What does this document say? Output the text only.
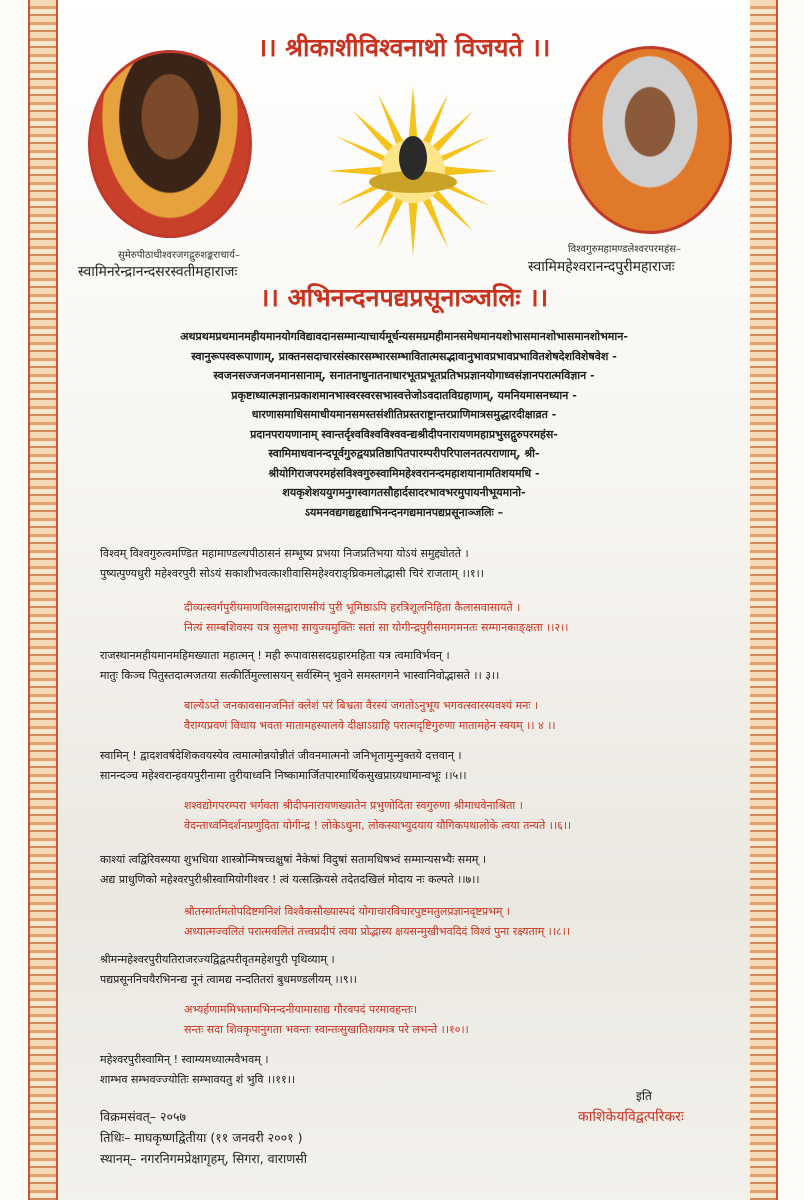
।। श्रीकाशीविश्वनाथो विजयते ।।
सुमेरुपीठाधीश्वरजगद्गुरुशङ्कराचार्य–
स्वामिनरेन्द्रानन्दसरस्वतीमहाराजः
विश्वगुरुमहामण्डलेश्वरपरमहंस–
स्वामिमहेश्वरानन्दपुरीमहाराजः
।। अभिनन्दनपद्यप्रसूनाञ्जलिः ।।
अथप्रथमप्रथमानमहीयमानयोगविद्यावदानसम्मान्याचार्यमूर्धन्यसमग्रमहीमानसमेधमानयशोभासमानशोभासमानशोभमान-
स्वानुरूपस्वरूपाणाम्, प्राक्तनसदाचारसंस्कारसम्भारसम्भावितात्मसद्भावानुभावप्रभावप्रभावितशेषदेशविशेषवेश -
स्वजनसज्जनजनमानसानाम्, सनातनाधुनातनाधारभूतप्रभूतप्रतिभप्रज्ञानयोगाध्वसंज्ञानपरात्मविज्ञान -
प्रकृष्टाध्यात्मज्ञानप्रकाशमानभास्वरस्वरसभास्वत्तेजोऽवदातविग्रहाणाम्, यमनियमासनध्यान -
धारणासमाधिसमाधीयमानसमस्तसंशीतिप्रस्तराष्ट्रान्तरप्राणिमात्रसमुद्धारदीक्षाव्रत -
प्रदानपरायणानाम् स्वान्तर्दृश्वविश्वविश्ववन्द्यश्रीदीपनारायणमहाप्रभुसद्गुरुपरमहंस-
स्वामिमाधवानन्दपूर्वगुरुद्वयप्रतिष्ठापितपारम्परीपरिपालनतत्पराणाम्, श्री-
श्रीयोगिराजपरमहंसविश्वगुरुस्वामिमहेश्वरानन्दमहाशयानामतिशयमधि -
शयकृशेशययुगमनुगस्वागतसौहार्दसादरभावभरमुपायनीभूयमानो-
ऽयमनवद्यगद्यहृद्याभिनन्दनगद्यमानपद्यप्रसूनाञ्जलिः –
विश्वम् विश्वगुरुत्वमण्डित महामाण्डल्यपीठासनं सम्भूष्य प्रभया निजप्रतिभया योऽयं समुद्द्योतते ।
पुष्यत्पुण्यधुरी महेश्वरपुरी सोऽयं सकाशीभवत्काशीवासिमहेश्वराङ्घ्रिकमलोद्भासी चिरं राजताम् ।।१।।
दीव्यत्स्वर्गपुरीयमाणविलसद्वाराणसीयं पुरी भूमिष्ठाऽपि हरत्रिशूलनिहिता कैलासवासायते ।
नित्यं साम्बशिवस्य यत्र सुलभा सायुज्यमुक्तिः सतां सा योगीन्द्रपुरीसमागमनतः सम्मानकाङ्क्षता ।।२।।
राजस्थानमहीयमानमहिमख्याता महात्मन् ! मही रूपावाससदग्रहारमहिता यत्र त्वमाविर्भवन् ।
मातुः किञ्च पितुस्तदात्मजतया सत्कीर्तिमुल्लासयन् सर्वस्मिन् भुवने समस्तगगने भास्वानिवोद्भासते ।। ३।।
बाल्येऽप्ते जनकावसानजनितं क्लेशं परं बिभ्रता वैरस्यं जगतोऽनुभूय भगवत्स्वारस्यवश्यं मनः ।
वैराग्यप्रवणं विधाय भवता मातामहस्यालये दीक्षाऽग्राहि परात्मदृष्टिगुरुणा मातामहेन स्वयम् ।। ४ ।।
स्वामिन् ! द्वादशवर्षदेशिकवयस्येव त्वमात्मोन्नयोन्नीतं जीवनमात्मनो जनिभृतामुन्मुक्तये दत्तवान् ।
सानन्दञ्च महेश्वरान्हवयपुरीनामा तुरीयाध्वनि निष्कामार्जितपारमार्थिकसुखप्राग्र्यधामान्वभूः ।।५।।
शश्वद्योगपरम्परा भर्गवता श्रीदीपनारायणख्यातेन प्रभुणोदिता स्वगुरुणा श्रीमाधवेनाश्रिता ।
वेदन्ताध्वनिदर्शनप्रणुदिता योगीन्द्र ! लोकेऽधुना, लोकस्याभ्युदयाय यौगिकपथालोके त्वया तन्यते ।।६।।
काश्यां त्वद्विरिवस्यया शुभधिया शास्त्रोन्मिषच्चक्षुषां नैकेषां विदुषां सतामधिषभ्वं सम्मान्यसभ्यैः समम् ।
अद्य प्राधुणिको महेश्वरपुरीश्रीस्वामियोगीश्वर ! त्वं यत्सत्क्रियसे तदेतदखिलं मोदाय नः कल्पते ।।७।।
श्रौतस्मार्तमतोपदिष्टमनिशं विश्वैकसौख्यास्पदं योगाचारविचारपुष्टमतुलप्रज्ञानदृष्टप्रभम् ।
अध्यात्मज्वलितं परात्मवलितं तत्त्वप्रदीपं त्वया प्रोद्भास्य क्षयसन्मुखीभवदिदं विश्वं पुना रक्ष्यताम् ।।८।।
श्रीमन्महेश्वरपुरीयतिराजरज्यद्विद्वत्परीवृतमहेशपुरी पृथिव्याम् ।
पद्यप्रसूननिचयैरभिनन्द्य नूनं त्वामद्य नन्दतितरां बुधमण्डलीयम् ।।९।।
अभ्यर्हणाममिभतामभिनन्दनीयामासाद्य गौरवपदं परमावहन्तः।
सन्तः सदा शिवकृपानुगता भवन्तः स्वान्तःसुखातिशयमत्र परे लभन्ते ।।१०।।
महेश्वरपुरीस्वामिन् ! स्वाम्यमध्यात्मवैभवम् ।
शाम्भव सम्भवज्ज्योतिः सम्भावयतु शं भुवि ।।११।।
विक्रमसंवत्– २०५७
तिथिः– माघकृष्णद्वितीया (११ जनवरी २००१ )
स्थानम्– नगरनिगमप्रेक्षागृहम्, सिगरा, वाराणसी
इति
काशिकेयविद्वत्परिकरः
